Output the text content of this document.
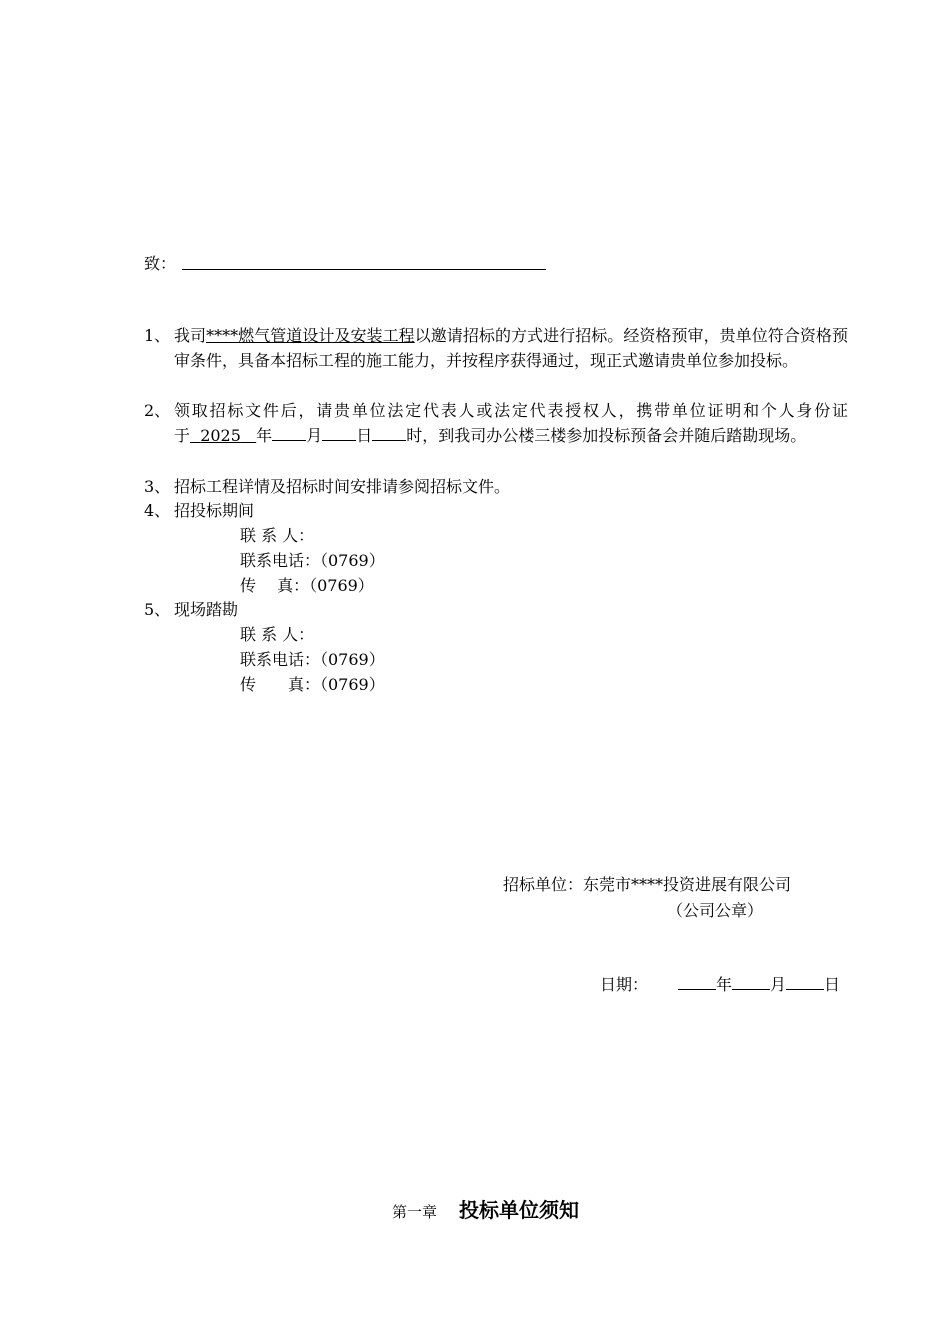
致：
1、 我司****燃气管道设计及安装工程以邀请招标的方式进行招标。经资格预审，贵单位符合资格预审条件，具备本招标工程的施工能力，并按程序获得通过，现正式邀请贵单位参加投标。
2、 领取招标文件后，请贵单位法定代表人或法定代表授权人，携带单位证明和个人身份证于 2025 年 月 日 时，到我司办公楼三楼参加投标预备会并随后踏勘现场。
3、 招标工程详情及招标时间安排请参阅招标文件。
4、 招投标期间
联 系 人：
联系电话：（0769）
传　 真：（0769）
5、 现场踏勘
联 系 人：
联系电话：（0769）
传　　真：（0769）
招标单位：东莞市****投资进展有限公司
（公司公章）
日期：	年 月 日
第一章 投标单位须知
